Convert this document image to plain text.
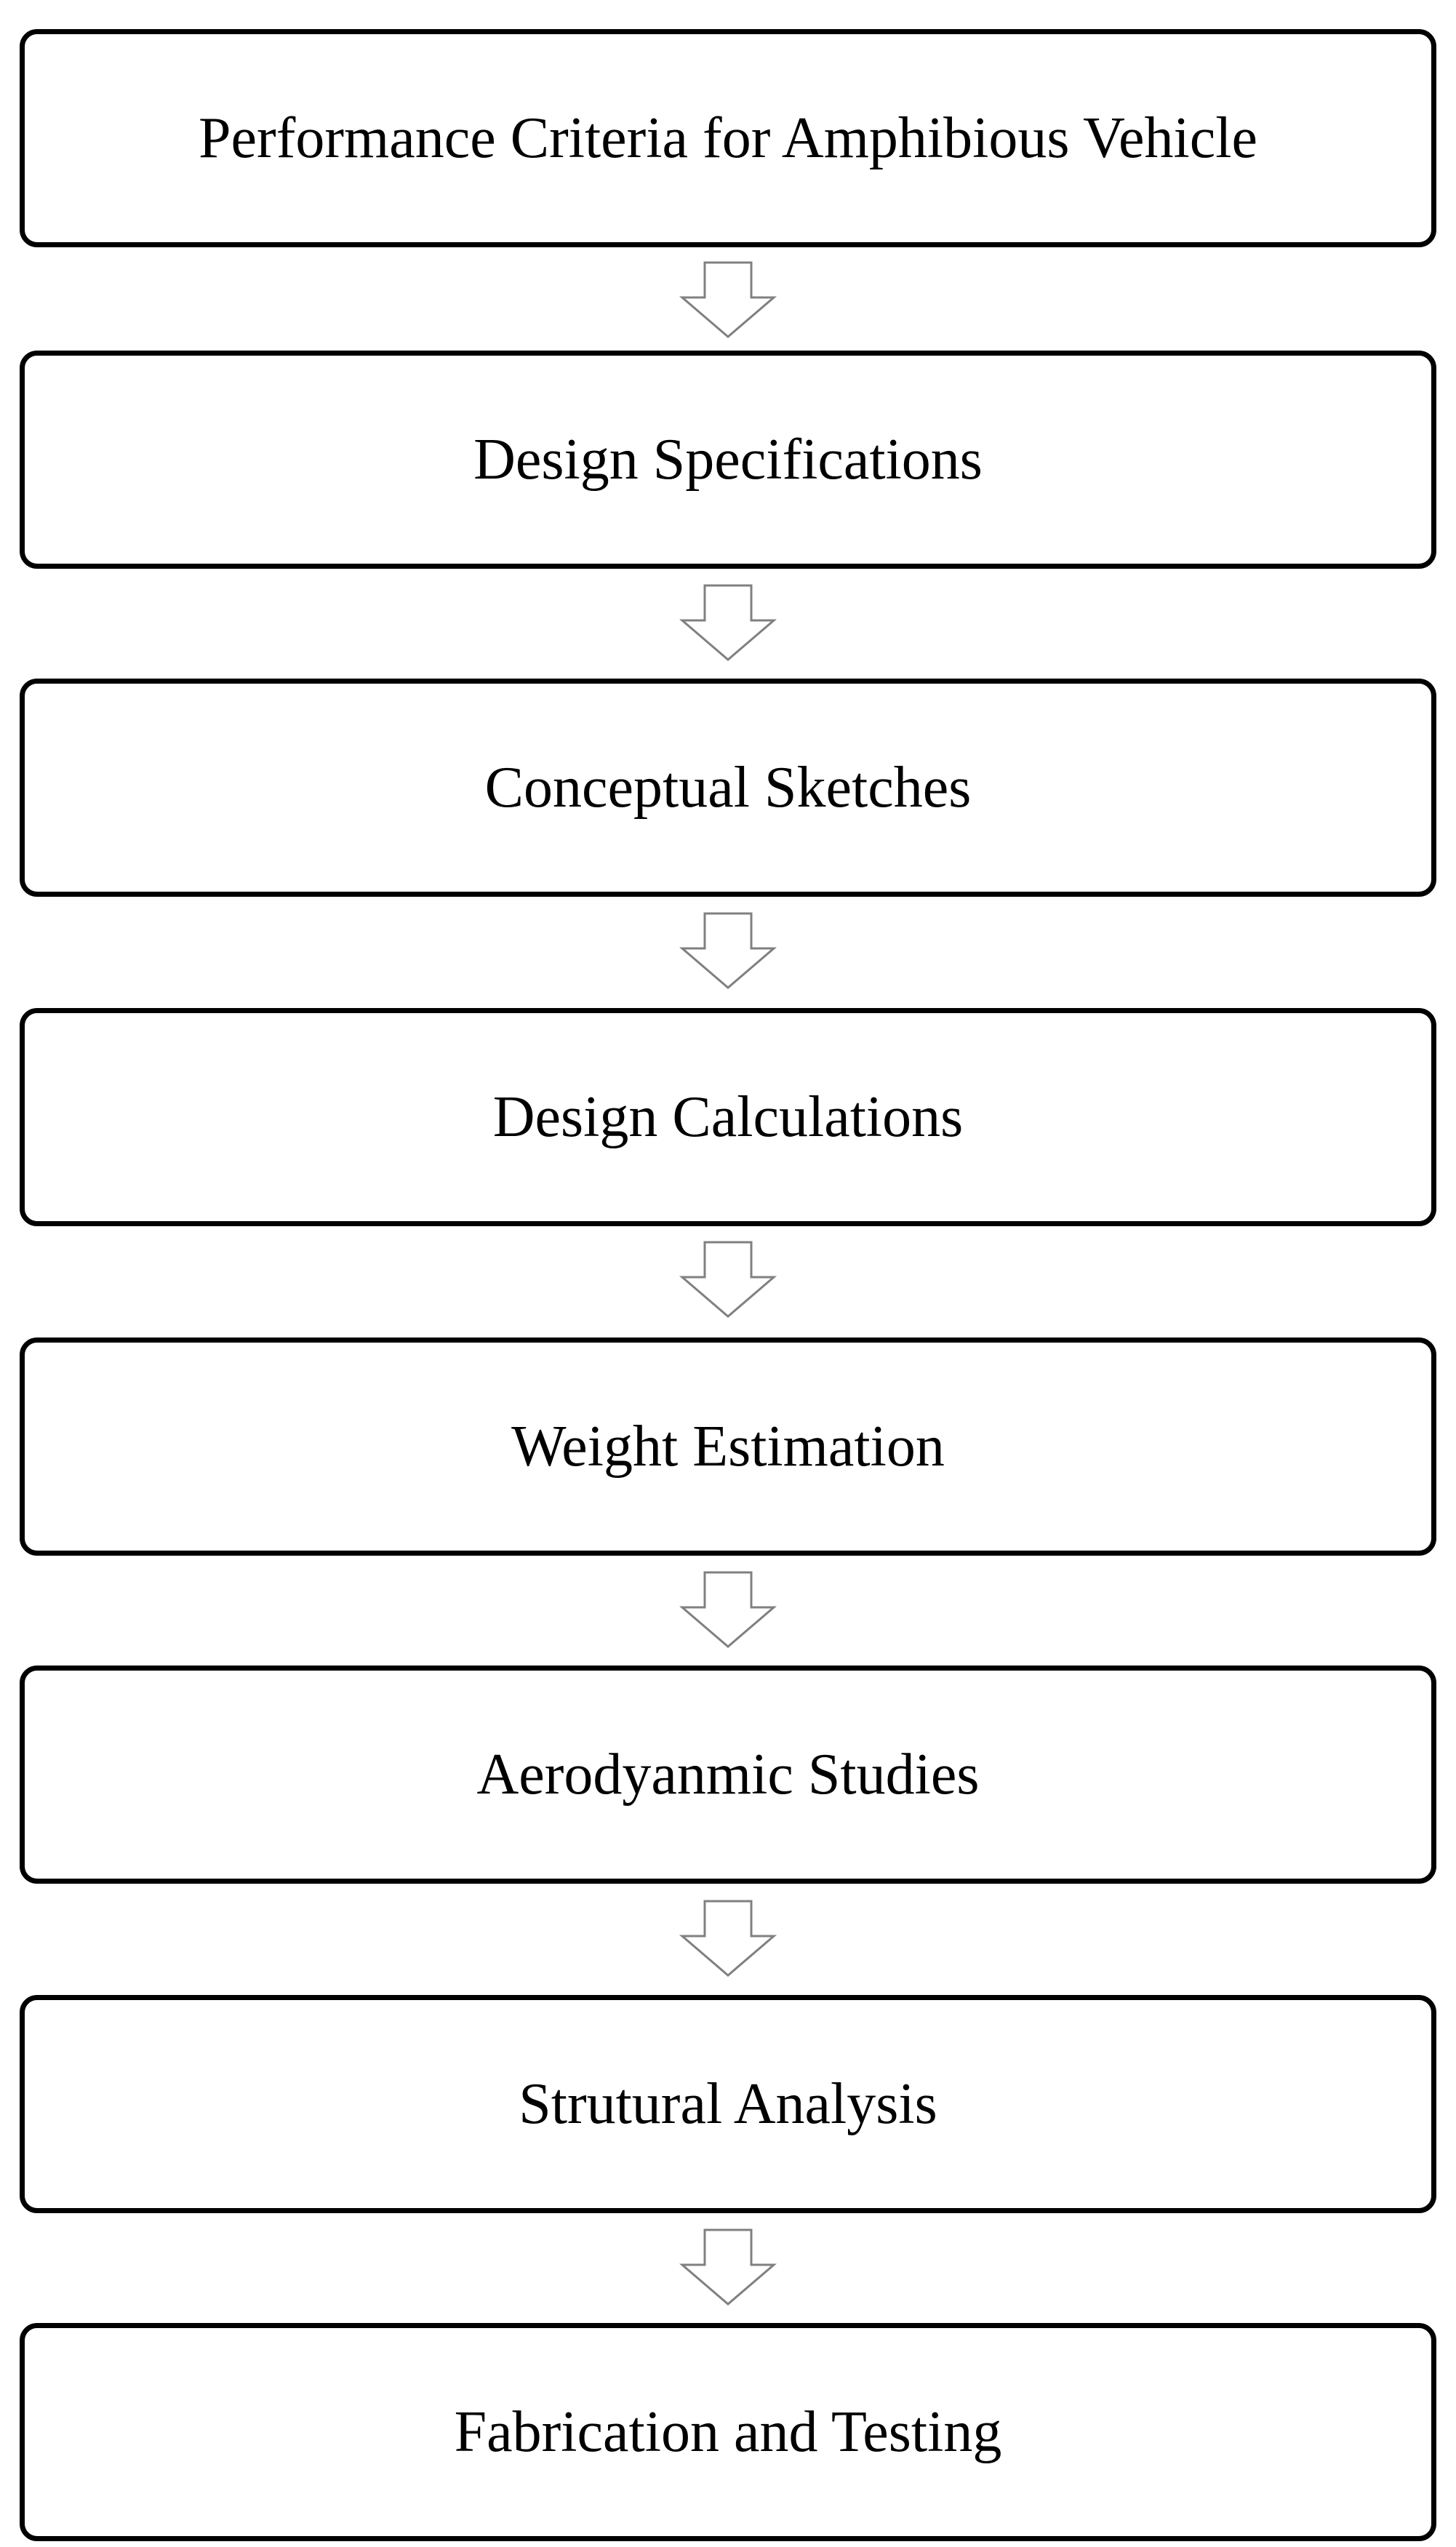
Performance Criteria for Amphibious Vehicle
Design Specifications
Conceptual Sketches
Design Calculations
Weight Estimation
Aerodyanmic Studies
Strutural Analysis
Fabrication and Testing
